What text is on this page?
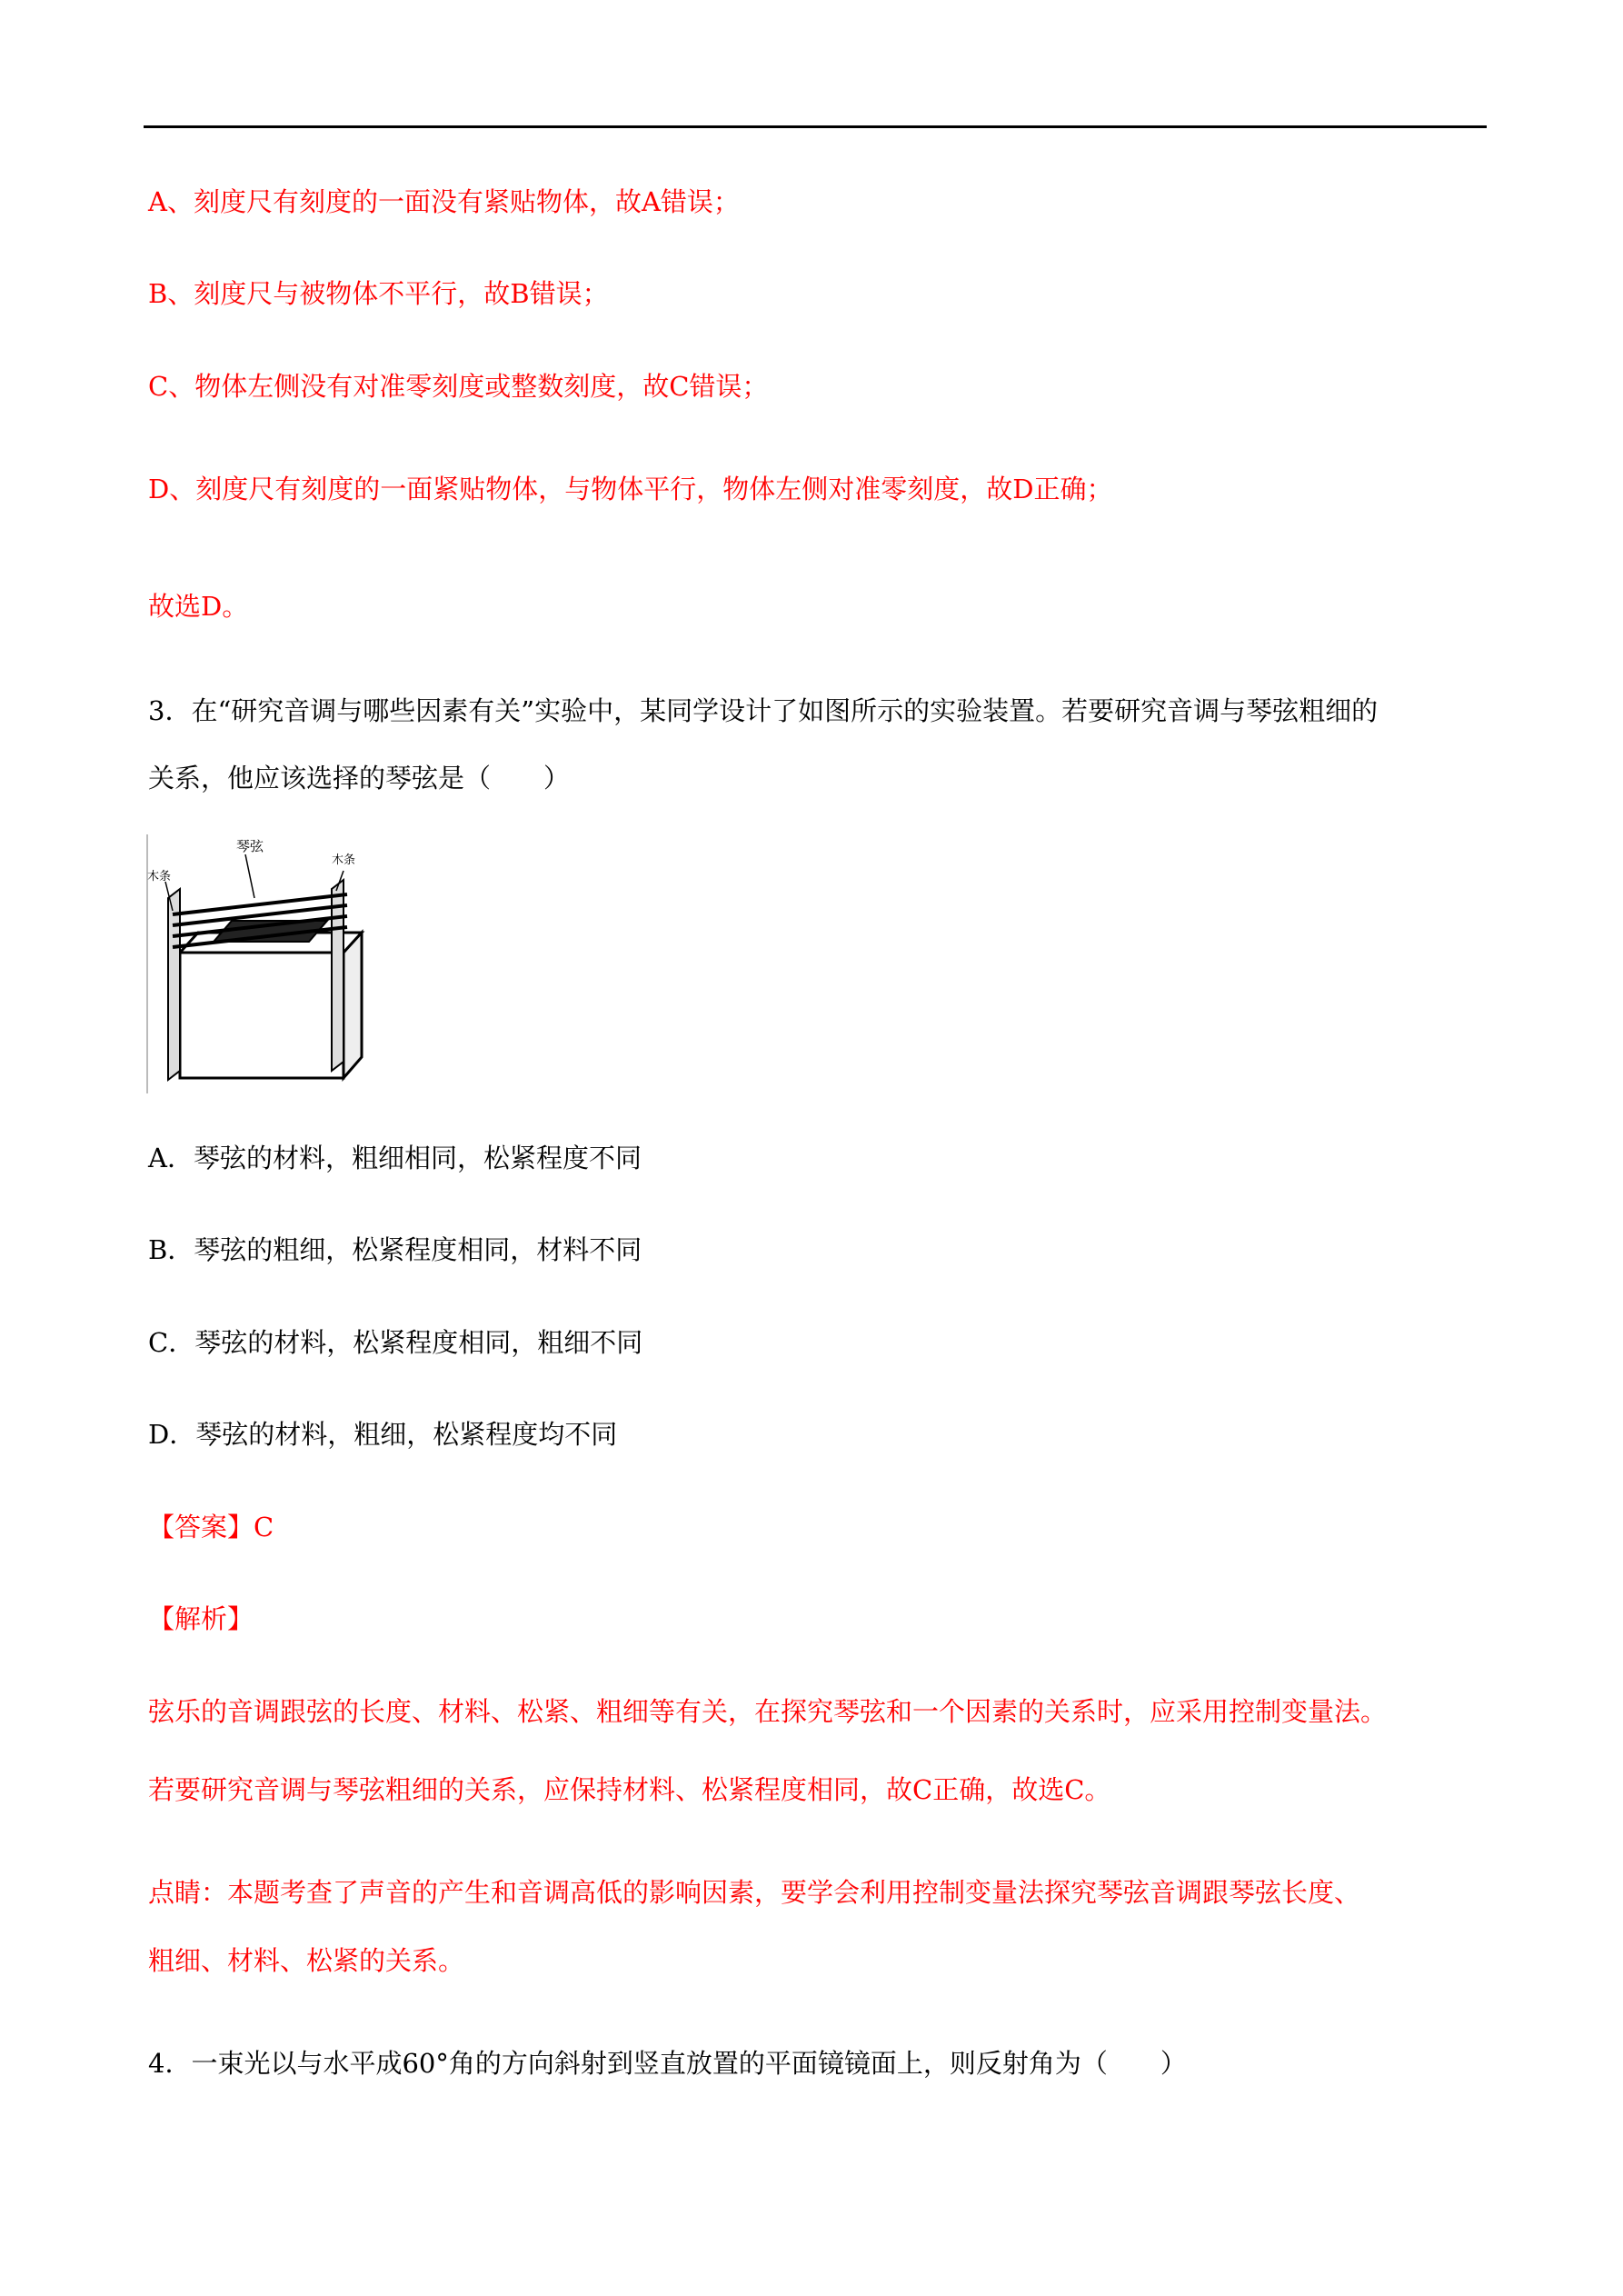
A、刻度尺有刻度的一面没有紧贴物体，故A错误；
B、刻度尺与被物体不平行，故B错误；
C、物体左侧没有对准零刻度或整数刻度，故C错误；
D、刻度尺有刻度的一面紧贴物体，与物体平行，物体左侧对准零刻度，故D正确；
故选D。
3．在“研究音调与哪些因素有关”实验中，某同学设计了如图所示的实验装置。若要研究音调与琴弦粗细的
关系，他应该选择的琴弦是（　　）
琴弦
木条
木条
A．琴弦的材料，粗细相同，松紧程度不同
B．琴弦的粗细，松紧程度相同，材料不同
C．琴弦的材料，松紧程度相同，粗细不同
D．琴弦的材料，粗细，松紧程度均不同
【答案】C
【解析】
弦乐的音调跟弦的长度、材料、松紧、粗细等有关，在探究琴弦和一个因素的关系时，应采用控制变量法。
若要研究音调与琴弦粗细的关系，应保持材料、松紧程度相同，故C正确，故选C。
点睛：本题考查了声音的产生和音调高低的影响因素，要学会利用控制变量法探究琴弦音调跟琴弦长度、
粗细、材料、松紧的关系。
4．一束光以与水平成60°角的方向斜射到竖直放置的平面镜镜面上，则反射角为（　　）
